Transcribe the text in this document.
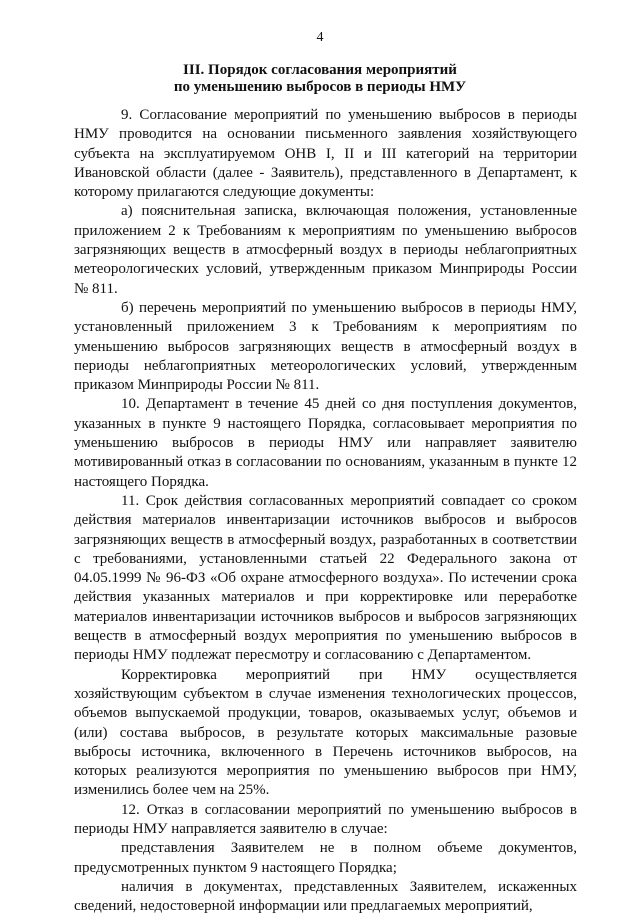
4
III. Порядок согласования мероприятий
по уменьшению выбросов в периоды НМУ

9. Согласование мероприятий по уменьшению выбросов в периоды НМУ проводится на основании письменного заявления хозяйствующего субъекта на эксплуатируемом ОНВ I, II и III категорий на территории Ивановской области (далее - Заявитель), представленного в Департамент, к которому прилагаются следующие документы:

а) пояснительная записка, включающая положения, установленные приложением 2 к Требованиям к мероприятиям по уменьшению выбросов загрязняющих веществ в атмосферный воздух в периоды неблагоприятных метеорологических условий, утвержденным приказом Минприроды России № 811.

б) перечень мероприятий по уменьшению выбросов в периоды НМУ, установленный приложением 3 к Требованиям к мероприятиям по уменьшению выбросов загрязняющих веществ в атмосферный воздух в периоды неблагоприятных метеорологических условий, утвержденным приказом Минприроды России № 811.

10. Департамент в течение 45 дней со дня поступления документов, указанных в пункте 9 настоящего Порядка, согласовывает мероприятия по уменьшению выбросов в периоды НМУ или направляет заявителю мотивированный отказ в согласовании по основаниям, указанным в пункте 12 настоящего Порядка.

11. Срок действия согласованных мероприятий совпадает со сроком действия материалов инвентаризации источников выбросов и выбросов загрязняющих веществ в атмосферный воздух, разработанных в соответствии с требованиями, установленными статьей 22 Федерального закона от 04.05.1999 № 96-ФЗ «Об охране атмосферного воздуха». По истечении срока действия указанных материалов и при корректировке или переработке материалов инвентаризации источников выбросов и выбросов загрязняющих веществ в атмосферный воздух мероприятия по уменьшению выбросов в периоды НМУ подлежат пересмотру и согласованию с Департаментом.

Корректировка мероприятий при НМУ осуществляется хозяйствующим субъектом в случае изменения технологических процессов, объемов выпускаемой продукции, товаров, оказываемых услуг, объемов и (или) состава выбросов, в результате которых максимальные разовые выбросы источника, включенного в Перечень источников выбросов, на которых реализуются мероприятия по уменьшению выбросов при НМУ, изменились более чем на 25%.

12. Отказ в согласовании мероприятий по уменьшению выбросов в периоды НМУ направляется заявителю в случае:

представления Заявителем не в полном объеме документов, предусмотренных пунктом 9 настоящего Порядка;

наличия в документах, представленных Заявителем, искаженных сведений, недостоверной информации или предлагаемых мероприятий,
